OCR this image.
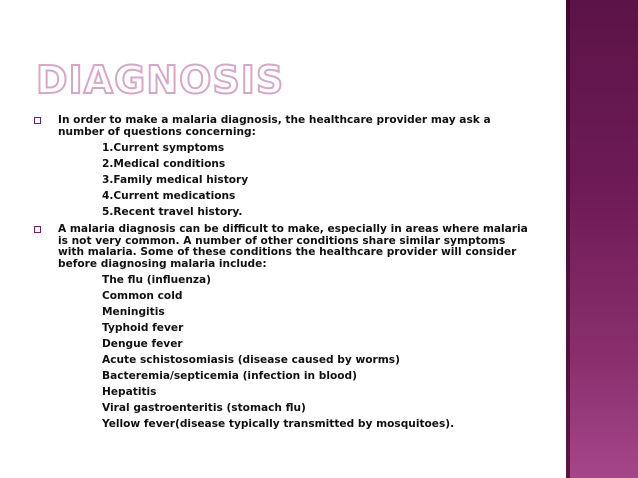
DIAGNOSIS
In order to make a malaria diagnosis, the healthcare provider may ask a number of questions concerning:
1.Current symptoms
2.Medical conditions
3.Family medical history
4.Current medications
5.Recent travel history.
A malaria diagnosis can be difficult to make, especially in areas where malaria is not very common. A number of other conditions share similar symptoms with malaria. Some of these conditions the healthcare provider will consider before diagnosing malaria include:
The flu (influenza)
Common cold
Meningitis
Typhoid fever
Dengue fever
Acute schistosomiasis (disease caused by worms)
Bacteremia/septicemia (infection in blood)
Hepatitis
Viral gastroenteritis (stomach flu)
Yellow fever(disease typically transmitted by mosquitoes).
